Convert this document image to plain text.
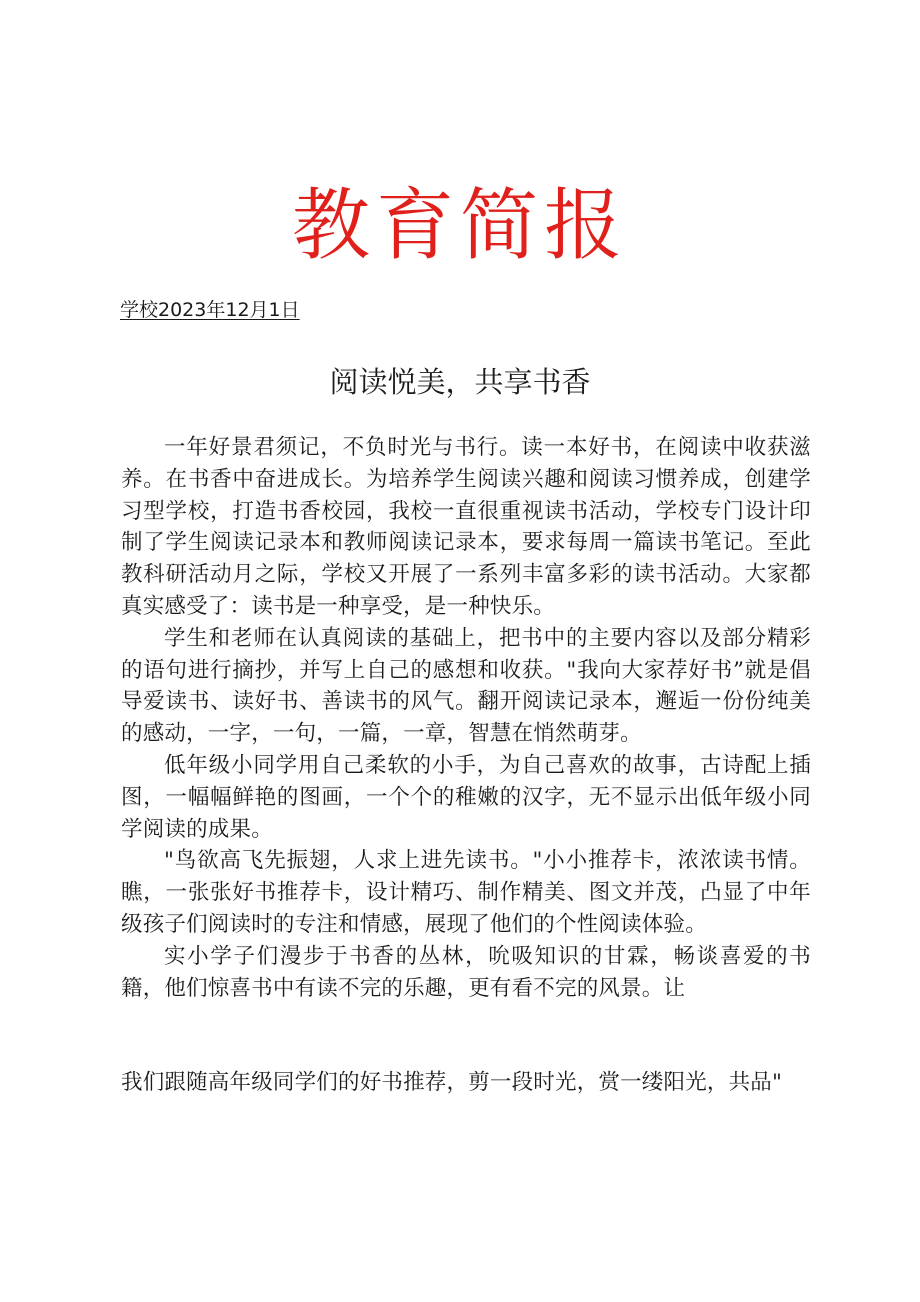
教育简报
学校2023年12月1日
阅读悦美，共享书香

一年好景君须记，不负时光与书行。读一本好书，在阅读中收获滋养。在书香中奋进成长。为培养学生阅读兴趣和阅读习惯养成，创建学习型学校，打造书香校园，我校一直很重视读书活动，学校专门设计印制了学生阅读记录本和教师阅读记录本，要求每周一篇读书笔记。至此教科研活动月之际，学校又开展了一系列丰富多彩的读书活动。大家都真实感受了：读书是一种享受，是一种快乐。

学生和老师在认真阅读的基础上，把书中的主要内容以及部分精彩的语句进行摘抄，并写上自己的感想和收获。"我向大家荐好书”就是倡导爱读书、读好书、善读书的风气。翻开阅读记录本，邂逅一份份纯美的感动，一字，一句，一篇，一章，智慧在悄然萌芽。

低年级小同学用自己柔软的小手，为自己喜欢的故事，古诗配上插图，一幅幅鲜艳的图画，一个个的稚嫩的汉字，无不显示出低年级小同学阅读的成果。

"鸟欲高飞先振翅，人求上进先读书。"小小推荐卡，浓浓读书情。瞧，一张张好书推荐卡，设计精巧、制作精美、图文并茂，凸显了中年级孩子们阅读时的专注和情感，展现了他们的个性阅读体验。

实小学子们漫步于书香的丛林，吮吸知识的甘霖，畅谈喜爱的书籍，他们惊喜书中有读不完的乐趣，更有看不完的风景。让

我们跟随高年级同学们的好书推荐，剪一段时光，赏一缕阳光，共品"
